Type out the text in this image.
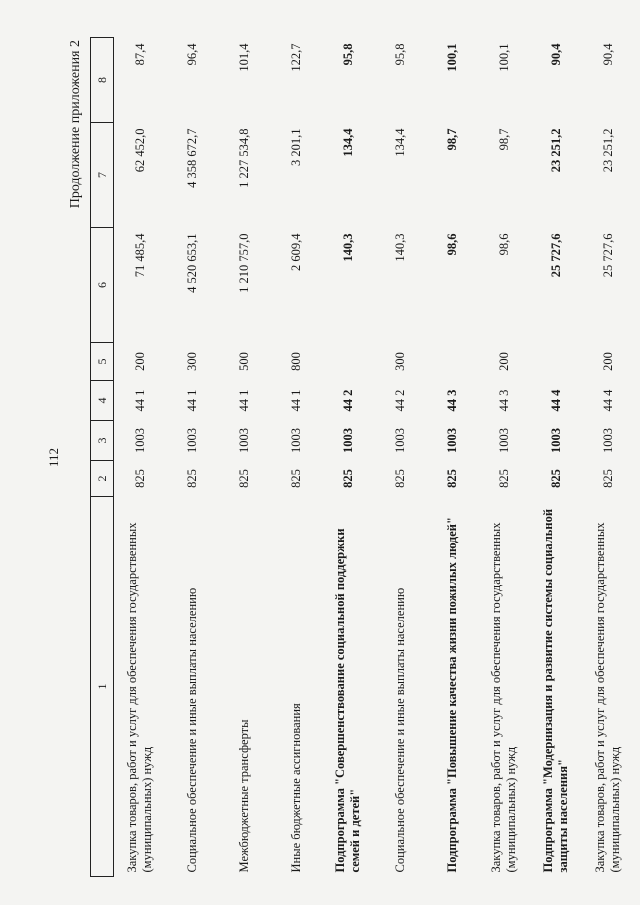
112
Продолжение приложения 2
1	2	3	4	5	6	7	8
Закупка товаров, работ и услуг для обеспечения государственных (муниципальных) нужд	825	1003	44 1	200	71 485,4	62 452,0	87,4
Социальное обеспечение и иные выплаты населению	825	1003	44 1	300	4 520 653,1	4 358 672,7	96,4
Межбюджетные трансферты	825	1003	44 1	500	1 210 757,0	1 227 534,8	101,4
Иные бюджетные ассигнования	825	1003	44 1	800	2 609,4	3 201,1	122,7
Подпрограмма "Совершенствование социальной поддержки семей и детей"	825	1003	44 2		140,3	134,4	95,8
Социальное обеспечение и иные выплаты населению	825	1003	44 2	300	140,3	134,4	95,8
Подпрограмма "Повышение качества жизни пожилых людей"	825	1003	44 3		98,6	98,7	100,1
Закупка товаров, работ и услуг для обеспечения государственных (муниципальных) нужд	825	1003	44 3	200	98,6	98,7	100,1
Подпрограмма "Модернизация и развитие системы социальной защиты населения"	825	1003	44 4		25 727,6	23 251,2	90,4
Закупка товаров, работ и услуг для обеспечения государственных (муниципальных) нужд	825	1003	44 4	200	25 727,6	23 251,2	90,4
